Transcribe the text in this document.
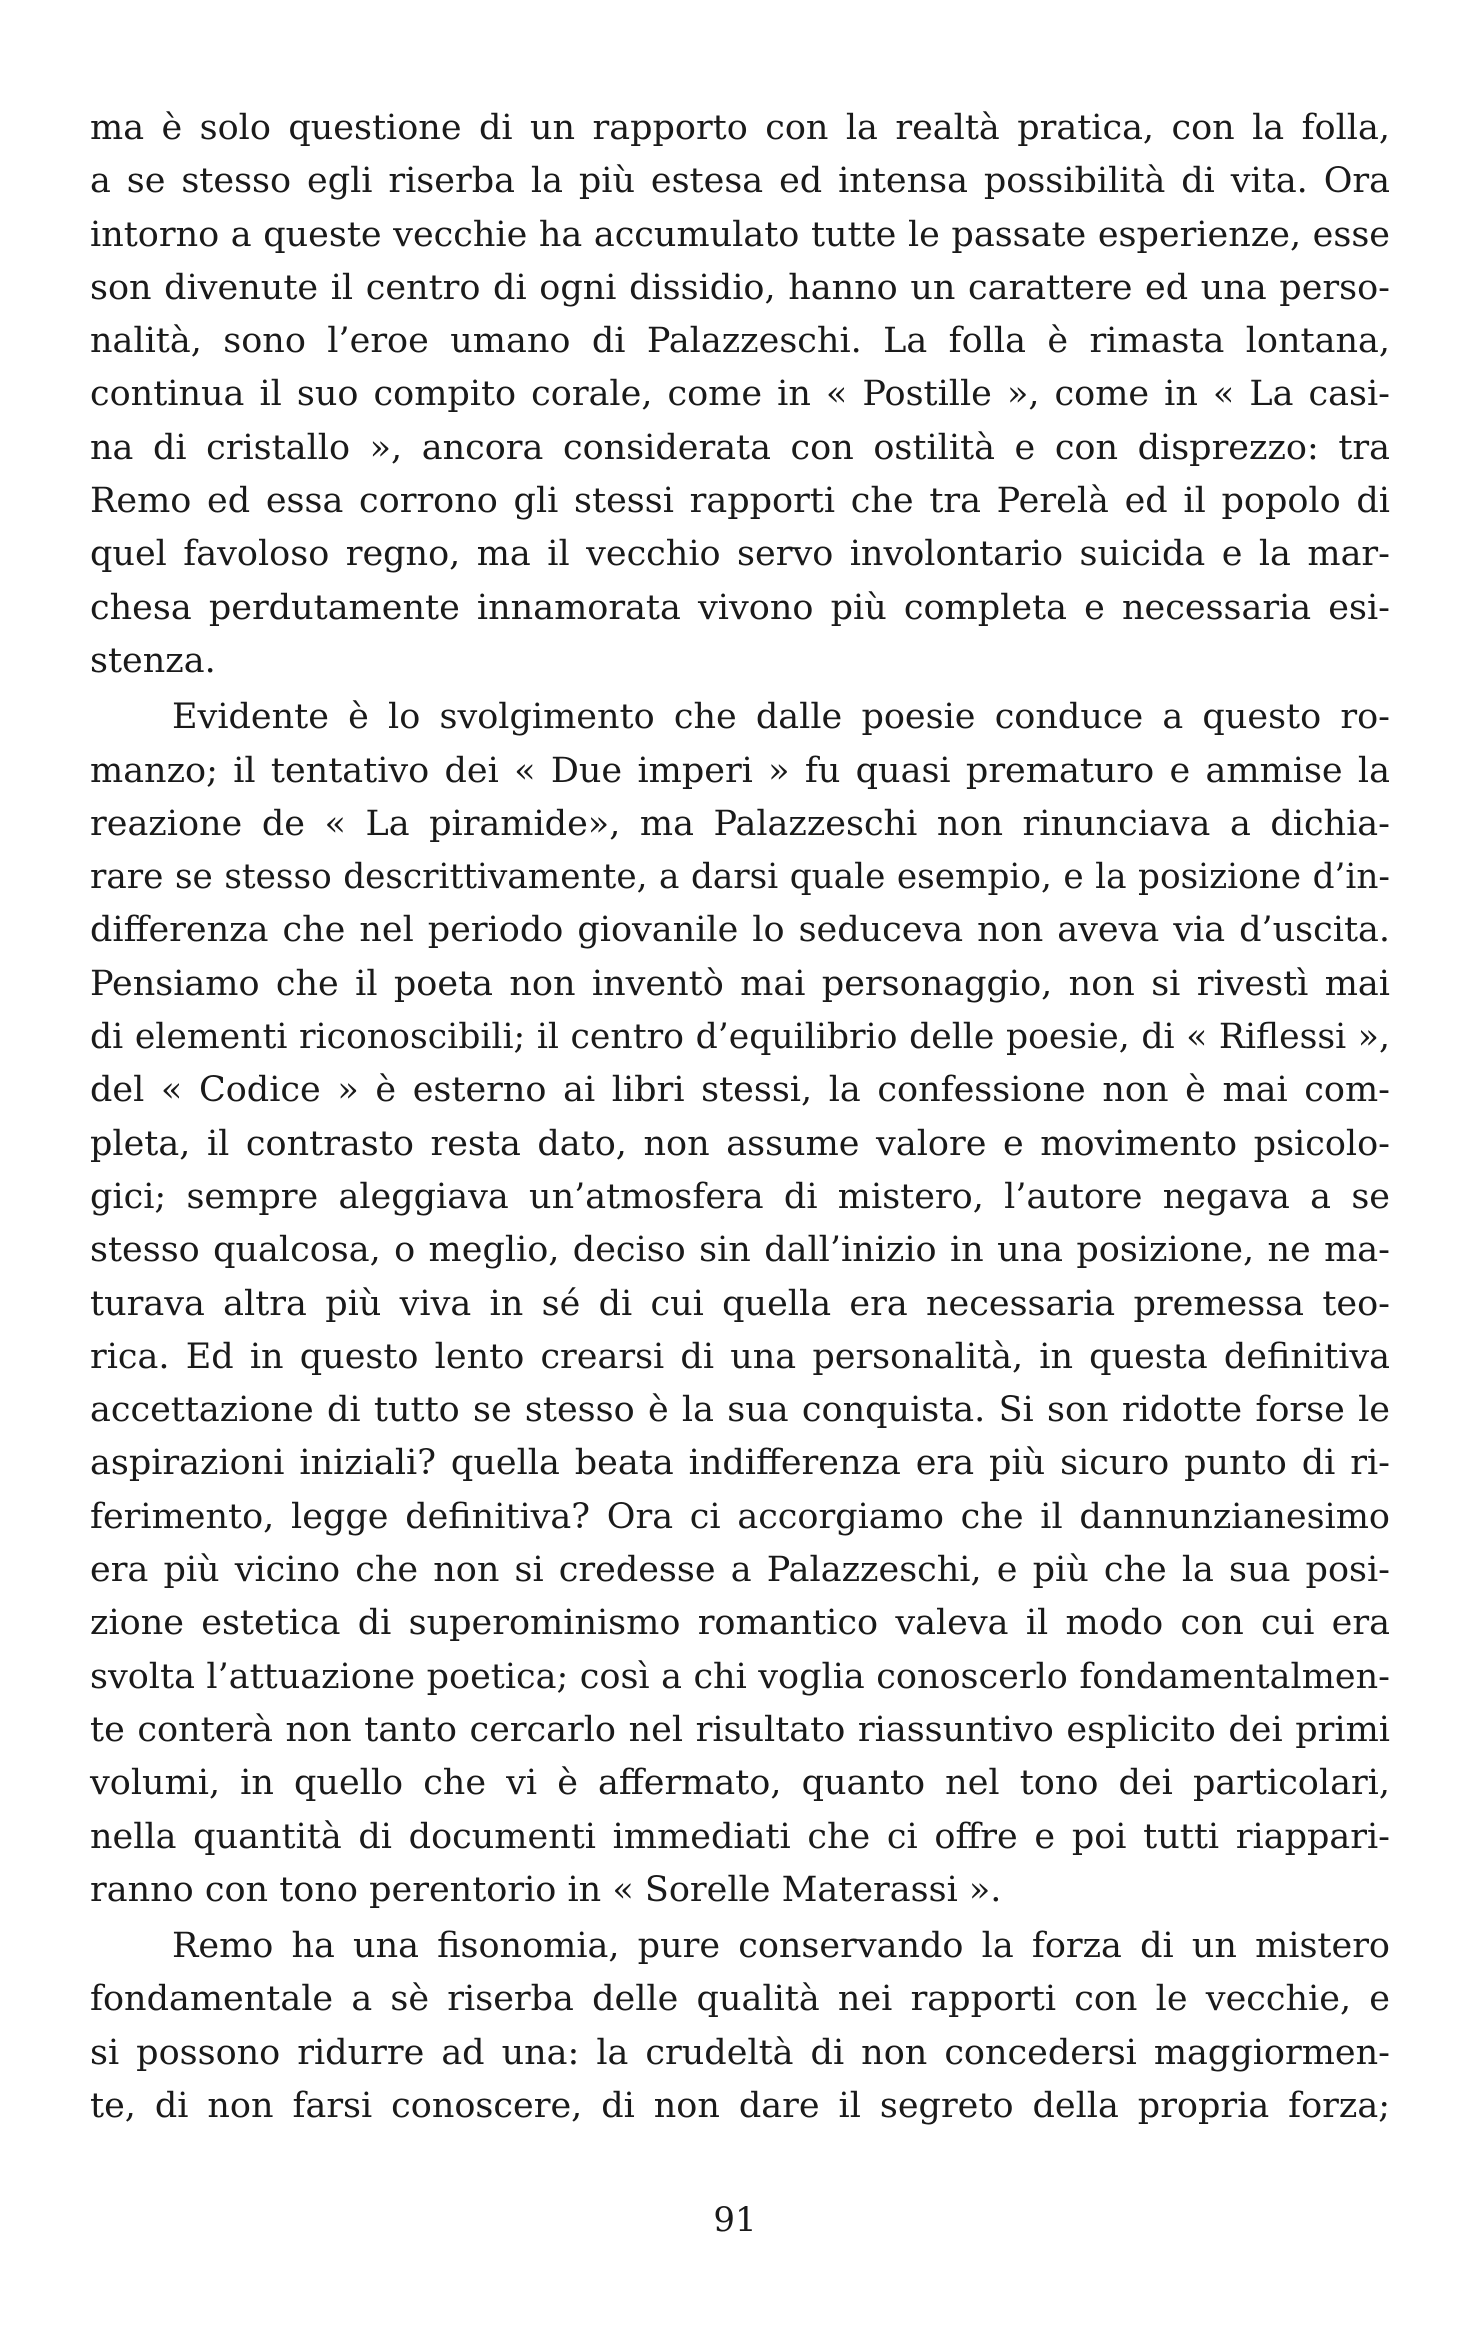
ma è solo questione di un rapporto con la realtà pratica, con la folla,
a se stesso egli riserba la più estesa ed intensa possibilità di vita. Ora
intorno a queste vecchie ha accumulato tutte le passate esperienze, esse
son divenute il centro di ogni dissidio, hanno un carattere ed una perso-
nalità, sono l’eroe umano di Palazzeschi. La folla è rimasta lontana,
continua il suo compito corale, come in « Postille », come in « La casi-
na di cristallo », ancora considerata con ostilità e con disprezzo: tra
Remo ed essa corrono gli stessi rapporti che tra Perelà ed il popolo di
quel favoloso regno, ma il vecchio servo involontario suicida e la mar-
chesa perdutamente innamorata vivono più completa e necessaria esi-
stenza.
Evidente è lo svolgimento che dalle poesie conduce a questo ro-
manzo; il tentativo dei « Due imperi » fu quasi prematuro e ammise la
reazione de « La piramide», ma Palazzeschi non rinunciava a dichia-
rare se stesso descrittivamente, a darsi quale esempio, e la posizione d’in-
differenza che nel periodo giovanile lo seduceva non aveva via d’uscita.
Pensiamo che il poeta non inventò mai personaggio, non si rivestì mai
di elementi riconoscibili; il centro d’equilibrio delle poesie, di « Riflessi »,
del « Codice » è esterno ai libri stessi, la confessione non è mai com-
pleta, il contrasto resta dato, non assume valore e movimento psicolo-
gici; sempre aleggiava un’atmosfera di mistero, l’autore negava a se
stesso qualcosa, o meglio, deciso sin dall’inizio in una posizione, ne ma-
turava altra più viva in sé di cui quella era necessaria premessa teo-
rica. Ed in questo lento crearsi di una personalità, in questa definitiva
accettazione di tutto se stesso è la sua conquista. Si son ridotte forse le
aspirazioni iniziali? quella beata indifferenza era più sicuro punto di ri-
ferimento, legge definitiva? Ora ci accorgiamo che il dannunzianesimo
era più vicino che non si credesse a Palazzeschi, e più che la sua posi-
zione estetica di superominismo romantico valeva il modo con cui era
svolta l’attuazione poetica; così a chi voglia conoscerlo fondamentalmen-
te conterà non tanto cercarlo nel risultato riassuntivo esplicito dei primi
volumi, in quello che vi è affermato, quanto nel tono dei particolari,
nella quantità di documenti immediati che ci offre e poi tutti riappari-
ranno con tono perentorio in « Sorelle Materassi ».
Remo ha una fisonomia, pure conservando la forza di un mistero
fondamentale a sè riserba delle qualità nei rapporti con le vecchie, e
si possono ridurre ad una: la crudeltà di non concedersi maggiormen-
te, di non farsi conoscere, di non dare il segreto della propria forza;
91
